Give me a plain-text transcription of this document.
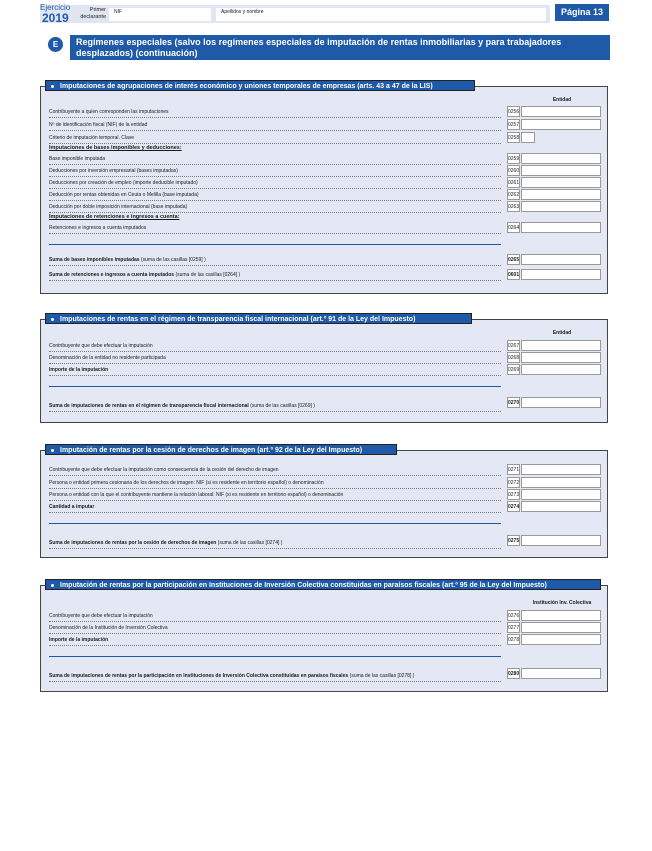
Ejercicio
2019
Primer declarante
NIF	Apellidos y nombre	Página 13
E	Regímenes especiales (salvo los regímenes especiales de imputación de rentas inmobiliarias y para trabajadores desplazados) (continuación)
Entidad
Contribuyente a quien corresponden las imputaciones	0256
Nº de identificación fiscal (NIF) de la entidad	0257
Criterio de imputación temporal. Clave	0258
Imputaciones de bases imponibles y deducciones:
Base imponible imputada	0259
Deducciones por inversión empresarial (bases imputadas)	0260
Deducciones por creación de empleo (importe deducible imputado)	0261
Deducción por rentas obtenidas en Ceuta o Melilla (base imputada)	0262
Deducción por doble imposición internacional (base imputada)	0263
Imputaciones de retenciones e ingresos a cuenta:
Retenciones e ingresos a cuenta imputados	0264
Suma de bases imponibles imputadas (suma de las casillas [0259] )	0265
Suma de retenciones e ingresos a cuenta imputados (suma de las casillas [0264] )	0601
Imputaciones de agrupaciones de interés económico y uniones temporales de empresas (arts. 43 a 47 de la LIS)
Entidad
Contribuyente que debe efectuar la imputación	0267
Denominación de la entidad no residente participada	0268
Importe de la imputación	0269
Suma de imputaciones de rentas en el régimen de transparencia fiscal internacional (suma de las casillas [0269] )	0270
Imputaciones de rentas en el régimen de transparencia fiscal internacional (art.º 91 de la Ley del Impuesto)
Contribuyente que debe efectuar la imputación como consecuencia de la cesión del derecho de imagen	0271
Persona o entidad primera cesionaria de los derechos de imagen: NIF (si es residente en territorio español) o denominación	0272
Persona o entidad con la que el contribuyente mantiene la relación laboral: NIF (si es residente en territorio español) o denominación	0273
Cantidad a imputar	0274
Suma de imputaciones de rentas por la cesión de derechos de imagen (suma de las casillas [0274] )	0275
Imputación de rentas por la cesión de derechos de imagen (art.º 92 de la Ley del Impuesto)
Institución Inv. Colectiva
Contribuyente que debe efectuar la imputación	0276
Denominación de la Institución de Inversión Colectiva	0277
Importe de la imputación	0278
Suma de imputaciones de rentas por la participación en Instituciones de Inversión Colectiva constituidas en paraísos fiscales (suma de las casillas [0278] )	0280
Imputación de rentas por la participación en Instituciones de Inversión Colectiva constituidas en paraísos fiscales (art.º 95 de la Ley del Impuesto)
